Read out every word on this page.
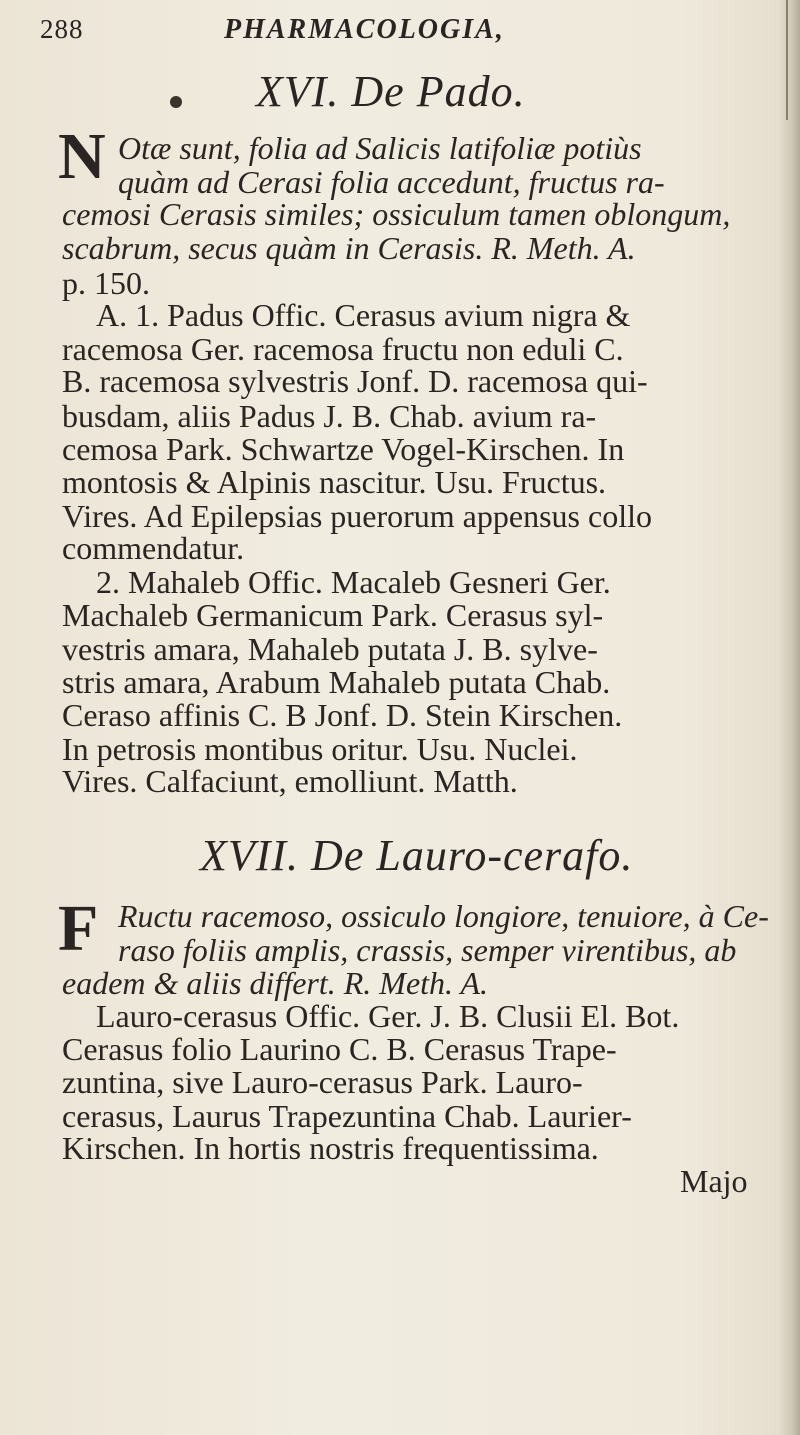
288	PHARMACOLOGIA,
XVI. De Pado.
N Otæ sunt, folia ad Salicis latifoliæ potiùs
quàm ad Cerasi folia accedunt, fructus ra-
cemosi Cerasis similes; ossiculum tamen oblongum,
scabrum, secus quàm in Cerasis. R. Meth. A.
p. 150.
A. 1. Padus Offic. Cerasus avium nigra &
racemosa Ger. racemosa fructu non eduli C.
B. racemosa sylvestris Jonf. D. racemosa qui-
busdam, aliis Padus J. B. Chab. avium ra-
cemosa Park. Schwartze Vogel-Kirschen. In
montosis & Alpinis nascitur. Usu. Fructus.
Vires. Ad Epilepsias puerorum appensus collo
commendatur.
2. Mahaleb Offic. Macaleb Gesneri Ger.
Machaleb Germanicum Park. Cerasus syl-
vestris amara, Mahaleb putata J. B. sylve-
stris amara, Arabum Mahaleb putata Chab.
Ceraso affinis C. B Jonf. D. Stein Kirschen.
In petrosis montibus oritur. Usu. Nuclei.
Vires. Calfaciunt, emolliunt. Matth.
XVII. De Lauro-cerafo.
F Ructu racemoso, ossiculo longiore, tenuiore, à Ce-
raso foliis amplis, crassis, semper virentibus, ab
eadem & aliis differt. R. Meth. A.
Lauro-cerasus Offic. Ger. J. B. Clusii El. Bot.
Cerasus folio Laurino C. B. Cerasus Trape-
zuntina, sive Lauro-cerasus Park. Lauro-
cerasus, Laurus Trapezuntina Chab. Laurier-
Kirschen. In hortis nostris frequentissima.
Majo
